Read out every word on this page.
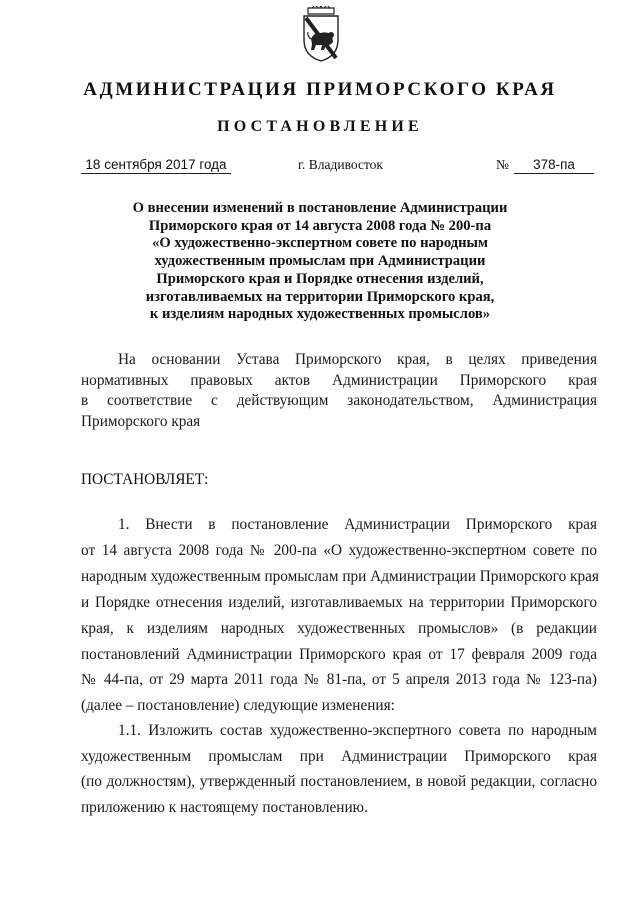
АДМИНИСТРАЦИЯ ПРИМОРСКОГО КРАЯ
ПОСТАНОВЛЕНИЕ
18 сентября 2017 года	г. Владивосток	№	378-па
О внесении изменений в постановление Администрации
Приморского края от 14 августа 2008 года № 200-па
«О художественно-экспертном совете по народным
художественным промыслам при Администрации
Приморского края и Порядке отнесения изделий,
изготавливаемых на территории Приморского края,
к изделиям народных художественных промыслов»
На основании Устава Приморского края, в целях приведения
нормативных правовых актов Администрации Приморского края
в соответствие с действующим законодательством, Администрация
Приморского края

ПОСТАНОВЛЯЕТ:

1. Внести в постановление Администрации Приморского края
от 14 августа 2008 года № 200-па «О художественно-экспертном совете по
народным художественным промыслам при Администрации Приморского края
и Порядке отнесения изделий, изготавливаемых на территории Приморского
края, к изделиям народных художественных промыслов» (в редакции
постановлений Администрации Приморского края от 17 февраля 2009 года
№ 44-па, от 29 марта 2011 года № 81-па, от 5 апреля 2013 года № 123-па)
(далее – постановление) следующие изменения:
1.1. Изложить состав художественно-экспертного совета по народным
художественным промыслам при Администрации Приморского края
(по должностям), утвержденный постановлением, в новой редакции, согласно
приложению к настоящему постановлению.
